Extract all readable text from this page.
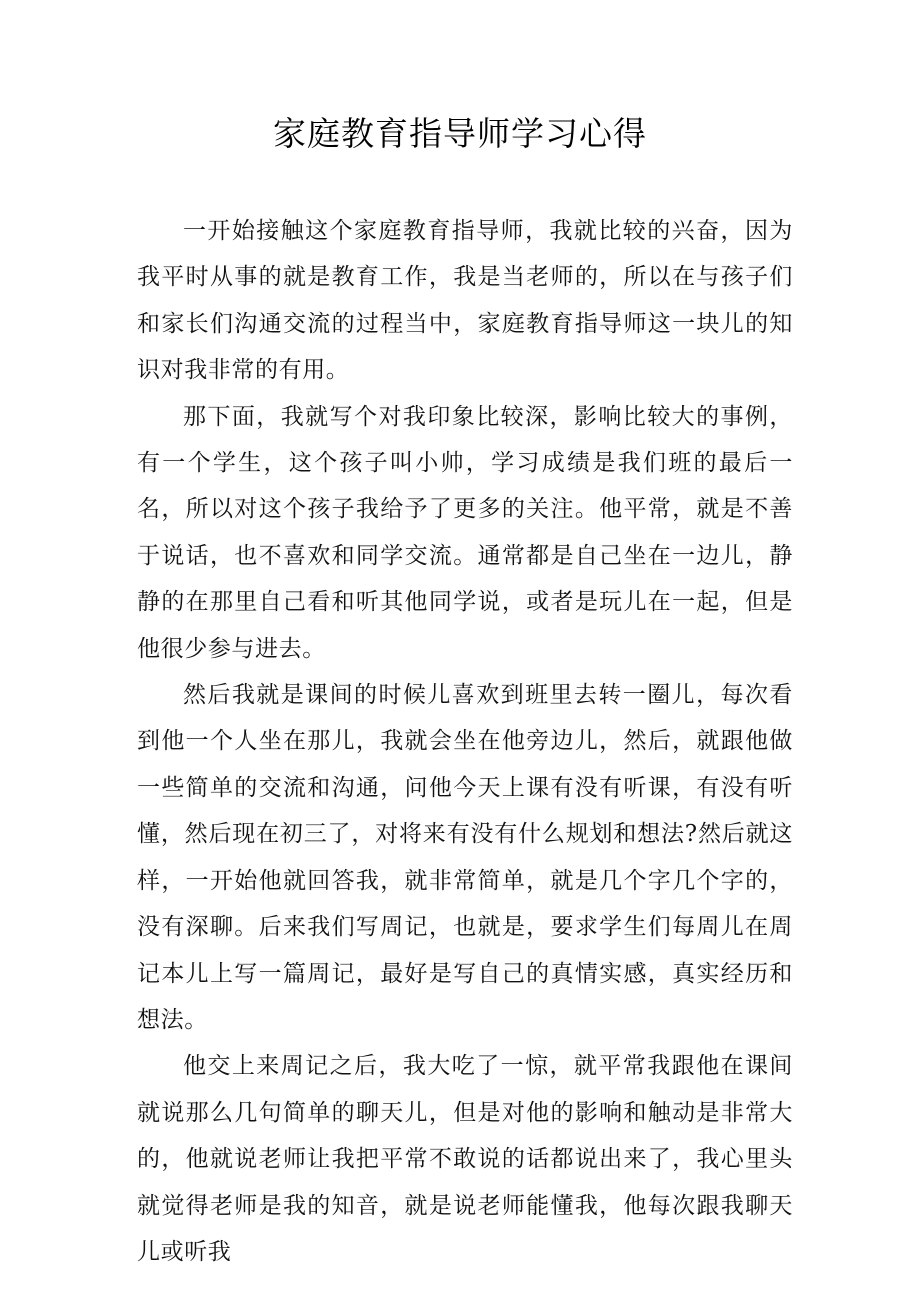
家庭教育指导师学习心得

一开始接触这个家庭教育指导师，我就比较的兴奋，因为我平时从事的就是教育工作，我是当老师的，所以在与孩子们和家长们沟通交流的过程当中，家庭教育指导师这一块儿的知识对我非常的有用。

那下面，我就写个对我印象比较深，影响比较大的事例，有一个学生，这个孩子叫小帅，学习成绩是我们班的最后一名，所以对这个孩子我给予了更多的关注。他平常，就是不善于说话，也不喜欢和同学交流。通常都是自己坐在一边儿，静静的在那里自己看和听其他同学说，或者是玩儿在一起，但是他很少参与进去。

然后我就是课间的时候儿喜欢到班里去转一圈儿，每次看到他一个人坐在那儿，我就会坐在他旁边儿，然后，就跟他做一些简单的交流和沟通，问他今天上课有没有听课，有没有听懂，然后现在初三了，对将来有没有什么规划和想法?然后就这样，一开始他就回答我，就非常简单，就是几个字几个字的，没有深聊。后来我们写周记，也就是，要求学生们每周儿在周记本儿上写一篇周记，最好是写自己的真情实感，真实经历和想法。

他交上来周记之后，我大吃了一惊，就平常我跟他在课间就说那么几句简单的聊天儿，但是对他的影响和触动是非常大的，他就说老师让我把平常不敢说的话都说出来了，我心里头就觉得老师是我的知音，就是说老师能懂我，他每次跟我聊天儿或听我
